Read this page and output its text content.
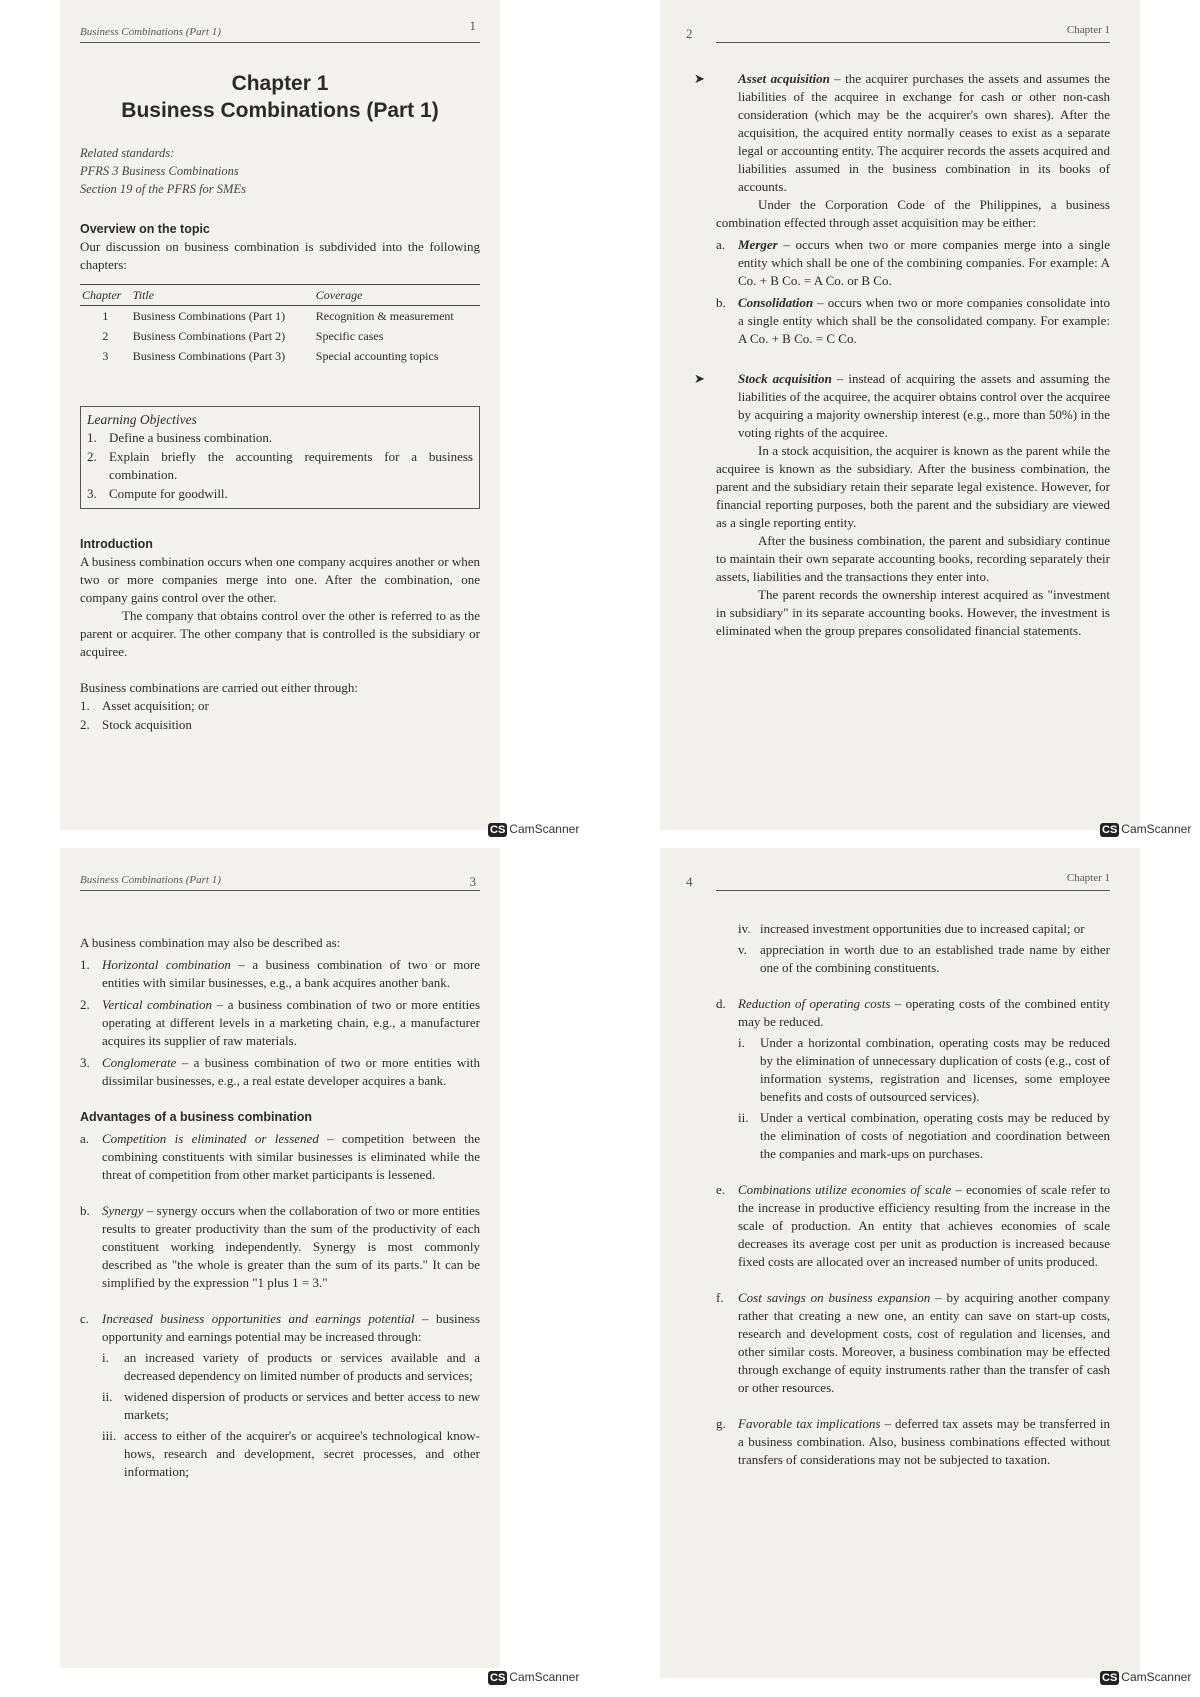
Business Combinations (Part 1)	1
Chapter 1
Business Combinations (Part 1)
Related standards:
PFRS 3 Business Combinations
Section 19 of the PFRS for SMEs
Overview on the topic
Our discussion on business combination is subdivided into the following chapters:
Chapter	Title	Coverage
1	Business Combinations (Part 1)	Recognition & measurement
2	Business Combinations (Part 2)	Specific cases
3	Business Combinations (Part 3)	Special accounting topics
Learning Objectives
1. Define a business combination.
2. Explain briefly the accounting requirements for a business combination.
3. Compute for goodwill.
Introduction
A business combination occurs when one company acquires another or when two or more companies merge into one. After the combination, one company gains control over the other.
The company that obtains control over the other is referred to as the parent or acquirer. The other company that is controlled is the subsidiary or acquiree.
Business combinations are carried out either through:
1. Asset acquisition; or
2. Stock acquisition
CS CamScanner
2	Chapter 1
➤	Asset acquisition – the acquirer purchases the assets and assumes the liabilities of the acquiree in exchange for cash or other non-cash consideration (which may be the acquirer's own shares). After the acquisition, the acquired entity normally ceases to exist as a separate legal or accounting entity. The acquirer records the assets acquired and liabilities assumed in the business combination in its books of accounts.
Under the Corporation Code of the Philippines, a business combination effected through asset acquisition may be either:
a. Merger – occurs when two or more companies merge into a single entity which shall be one of the combining companies. For example: A Co. + B Co. = A Co. or B Co.
b. Consolidation – occurs when two or more companies consolidate into a single entity which shall be the consolidated company. For example: A Co. + B Co. = C Co.
➤	Stock acquisition – instead of acquiring the assets and assuming the liabilities of the acquiree, the acquirer obtains control over the acquiree by acquiring a majority ownership interest (e.g., more than 50%) in the voting rights of the acquiree.
In a stock acquisition, the acquirer is known as the parent while the acquiree is known as the subsidiary. After the business combination, the parent and the subsidiary retain their separate legal existence. However, for financial reporting purposes, both the parent and the subsidiary are viewed as a single reporting entity.
After the business combination, the parent and subsidiary continue to maintain their own separate accounting books, recording separately their assets, liabilities and the transactions they enter into.
The parent records the ownership interest acquired as "investment in subsidiary" in its separate accounting books. However, the investment is eliminated when the group prepares consolidated financial statements.
CS CamScanner
Business Combinations (Part 1)	3
A business combination may also be described as:
1. Horizontal combination – a business combination of two or more entities with similar businesses, e.g., a bank acquires another bank.
2. Vertical combination – a business combination of two or more entities operating at different levels in a marketing chain, e.g., a manufacturer acquires its supplier of raw materials.
3. Conglomerate – a business combination of two or more entities with dissimilar businesses, e.g., a real estate developer acquires a bank.
Advantages of a business combination
a. Competition is eliminated or lessened – competition between the combining constituents with similar businesses is eliminated while the threat of competition from other market participants is lessened.
b. Synergy – synergy occurs when the collaboration of two or more entities results to greater productivity than the sum of the productivity of each constituent working independently. Synergy is most commonly described as "the whole is greater than the sum of its parts." It can be simplified by the expression "1 plus 1 = 3."
c. Increased business opportunities and earnings potential – business opportunity and earnings potential may be increased through:
i. an increased variety of products or services available and a decreased dependency on limited number of products and services;
ii. widened dispersion of products or services and better access to new markets;
iii. access to either of the acquirer's or acquiree's technological know-hows, research and development, secret processes, and other information;
CS CamScanner
4	Chapter 1
iv. increased investment opportunities due to increased capital; or
v. appreciation in worth due to an established trade name by either one of the combining constituents.
d. Reduction of operating costs – operating costs of the combined entity may be reduced.
i. Under a horizontal combination, operating costs may be reduced by the elimination of unnecessary duplication of costs (e.g., cost of information systems, registration and licenses, some employee benefits and costs of outsourced services).
ii. Under a vertical combination, operating costs may be reduced by the elimination of costs of negotiation and coordination between the companies and mark-ups on purchases.
e. Combinations utilize economies of scale – economies of scale refer to the increase in productive efficiency resulting from the increase in the scale of production. An entity that achieves economies of scale decreases its average cost per unit as production is increased because fixed costs are allocated over an increased number of units produced.
f. Cost savings on business expansion – by acquiring another company rather that creating a new one, an entity can save on start-up costs, research and development costs, cost of regulation and licenses, and other similar costs. Moreover, a business combination may be effected through exchange of equity instruments rather than the transfer of cash or other resources.
g. Favorable tax implications – deferred tax assets may be transferred in a business combination. Also, business combinations effected without transfers of considerations may not be subjected to taxation.
CS CamScanner
